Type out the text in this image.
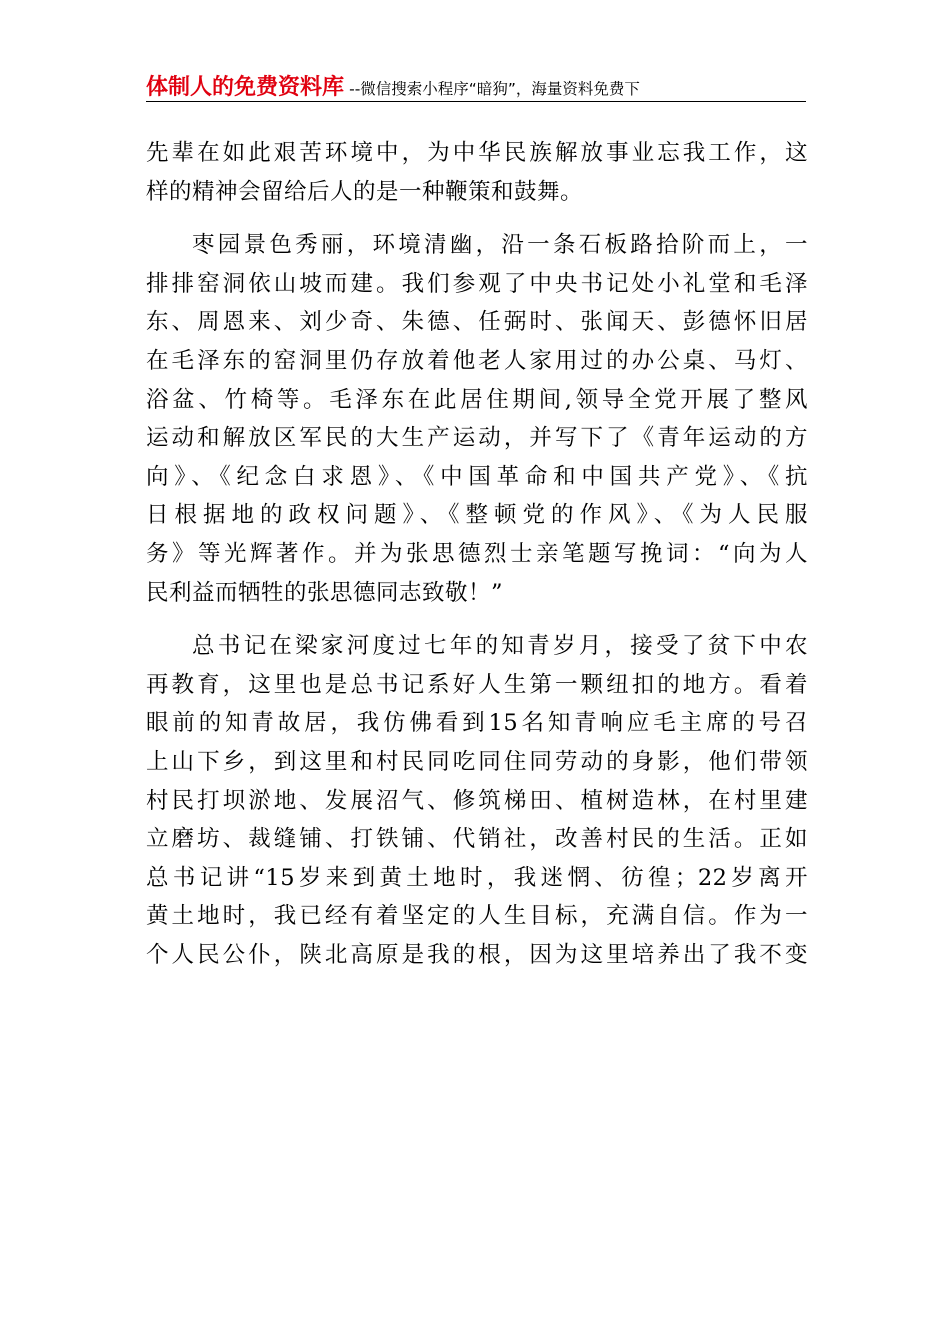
体制人的免费资料库 --微信搜索小程序“暗狗”，海量资料免费下
先辈在如此艰苦环境中，为中华民族解放事业忘我工作，这
样的精神会留给后人的是一种鞭策和鼓舞。
枣园景色秀丽，环境清幽，沿一条石板路拾阶而上，一
排排窑洞依山坡而建。我们参观了中央书记处小礼堂和毛泽
东、周恩来、刘少奇、朱德、任弼时、张闻天、彭德怀旧居
在毛泽东的窑洞里仍存放着他老人家用过的办公桌、马灯、
浴盆、竹椅等。毛泽东在此居住期间,领导全党开展了整风
运动和解放区军民的大生产运动，并写下了《青年运动的方
向》、《纪念白求恩》、《中国革命和中国共产党》、《抗
日根据地的政权问题》、《整顿党的作风》、《为人民服
务》等光辉著作。并为张思德烈士亲笔题写挽词：“向为人
民利益而牺牲的张思德同志致敬！”
总书记在梁家河度过七年的知青岁月，接受了贫下中农
再教育，这里也是总书记系好人生第一颗纽扣的地方。看着
眼前的知青故居，我仿佛看到15名知青响应毛主席的号召
上山下乡，到这里和村民同吃同住同劳动的身影，他们带领
村民打坝淤地、发展沼气、修筑梯田、植树造林，在村里建
立磨坊、裁缝铺、打铁铺、代销社，改善村民的生活。正如
总书记讲“15岁来到黄土地时，我迷惘、彷徨；22岁离开
黄土地时，我已经有着坚定的人生目标，充满自信。作为一
个人民公仆，陕北高原是我的根，因为这里培养出了我不变
